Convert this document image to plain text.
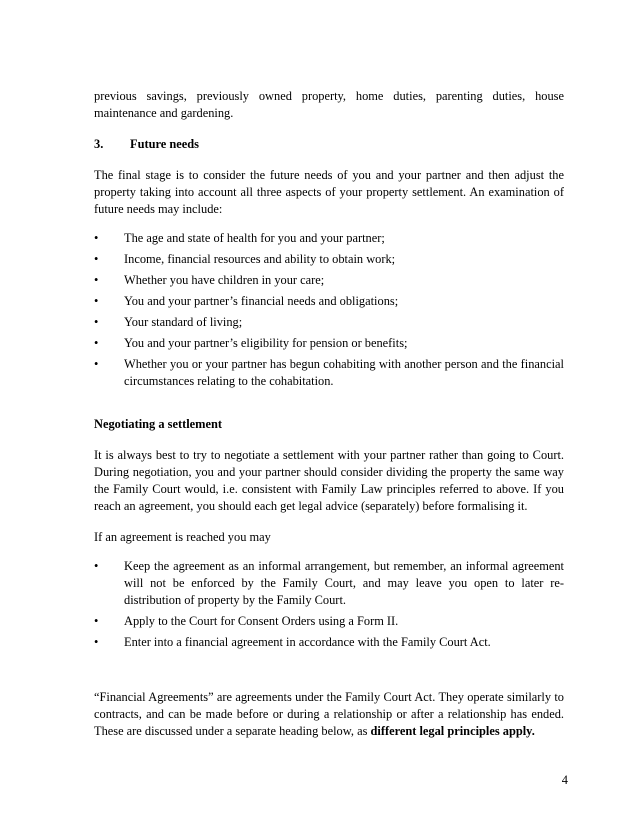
previous savings, previously owned property, home duties, parenting duties, house

maintenance and gardening.

3.	Future needs

The final stage is to consider the future needs of you and your partner and then adjust the property taking into account all three aspects of your property settlement. An examination of future needs may include:

•	The age and state of health for you and your partner;
•	Income, financial resources and ability to obtain work;
•	Whether you have children in your care;
•	You and your partner’s financial needs and obligations;
•	Your standard of living;
•	You and your partner’s eligibility for pension or benefits;
•	Whether you or your partner has begun cohabiting with another person and the financial circumstances relating to the cohabitation.

Negotiating a settlement

It is always best to try to negotiate a settlement with your partner rather than going to Court. During negotiation, you and your partner should consider dividing the property the same way the Family Court would, i.e. consistent with Family Law principles referred to above. If you reach an agreement, you should each get legal advice (separately) before formalising it.

If an agreement is reached you may

•	Keep the agreement as an informal arrangement, but remember, an informal agreement will not be enforced by the Family Court, and may leave you open to later re-distribution of property by the Family Court.
•	Apply to the Court for Consent Orders using a Form II.
•	Enter into a financial agreement in accordance with the Family Court Act.

“Financial Agreements” are agreements under the Family Court Act. They operate similarly to contracts, and can be made before or during a relationship or after a relationship has ended. These are discussed under a separate heading below, as different legal principles apply.

4
